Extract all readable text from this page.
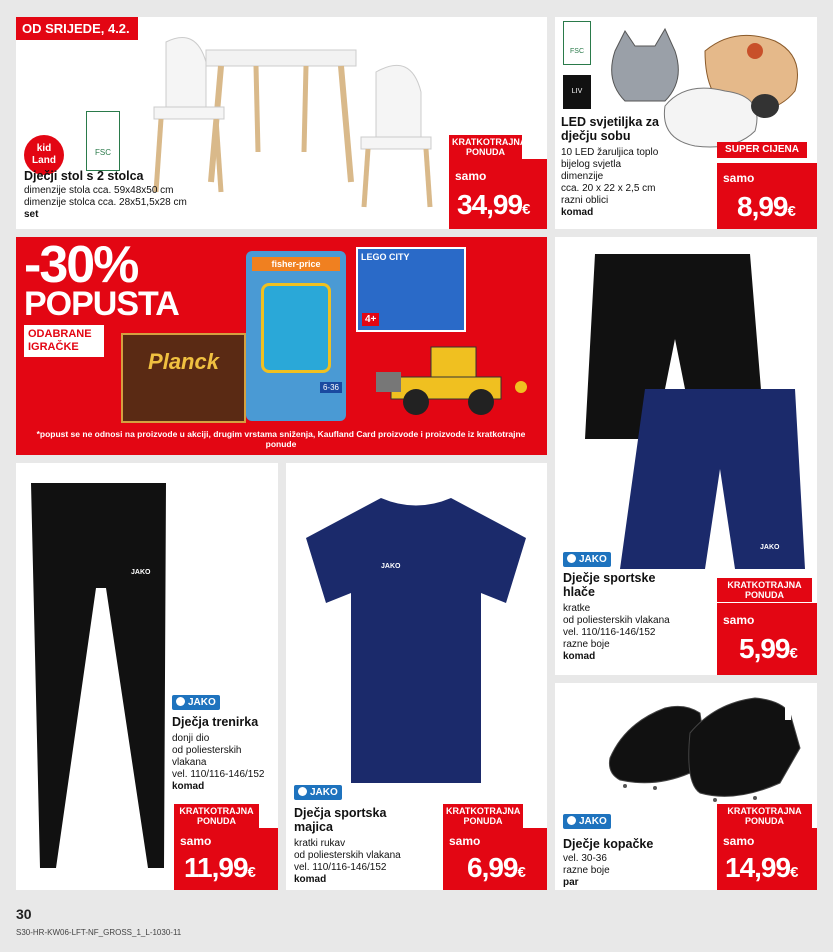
OD SRIJEDE, 4.2.
kid Land
FSC
Dječji stol s 2 stolca
dimenzije stola cca. 59x48x50 cm
dimenzije stolca cca. 28x51,5x28 cm
set
KRATKOTRAJNA PONUDA
samo
34,99€
FSC
LIV
LED svjetiljka za dječju sobu
10 LED žaruljica toplo bijelog svjetla
dimenzije
cca. 20 x 22 x 2,5 cm
razni oblici
komad
SUPER CIJENA
samo
8,99€
-30%
POPUSTA
ODABRANE IGRAČKE
Planck
fisher-price
6-36
LEGO CITY
4+
*popust se ne odnosi na proizvode u akciji, drugim vrstama sniženja, Kaufland Card proizvode i proizvode iz kratkotrajne ponude
JAKO
JAKO
Dječje sportske hlače
kratke
od poliesterskih vlakana
vel. 110/116-146/152
razne boje
komad
KRATKOTRAJNA PONUDA
samo
5,99€
JAKO
JAKO
Dječja trenirka
donji dio
od poliesterskih vlakana
vel. 110/116-146/152
komad
KRATKOTRAJNA PONUDA
samo
11,99€
JAKO
JAKO
Dječja sportska majica
kratki rukav
od poliesterskih vlakana
vel. 110/116-146/152
komad
KRATKOTRAJNA PONUDA
samo
6,99€
JAKO
Dječje kopačke
vel. 30-36
razne boje
par
KRATKOTRAJNA PONUDA
samo
14,99€
30
S30-HR-KW06-LFT-NF_GROSS_1_L-1030-11
